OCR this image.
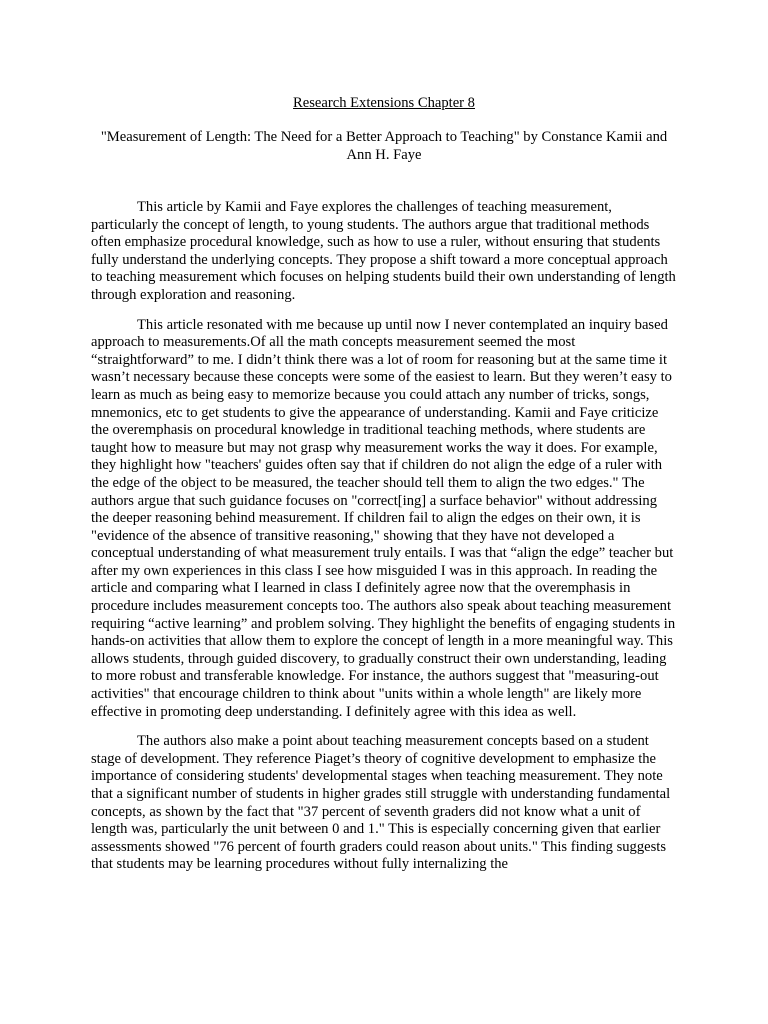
Research Extensions Chapter 8

"Measurement of Length: The Need for a Better Approach to Teaching" by Constance Kamii and Ann H. Faye

This article by Kamii and Faye explores the challenges of teaching measurement, particularly the concept of length, to young students. The authors argue that traditional methods often emphasize procedural knowledge, such as how to use a ruler, without ensuring that students fully understand the underlying concepts. They propose a shift toward a more conceptual approach to teaching measurement which focuses on helping students build their own understanding of length through exploration and reasoning.

This article resonated with me because up until now I never contemplated an inquiry based approach to measurements.Of all the math concepts measurement seemed the most “straightforward” to me. I didn’t think there was a lot of room for reasoning but at the same time it wasn’t necessary because these concepts were some of the easiest to learn. But they weren’t easy to learn as much as being easy to memorize because you could attach any number of tricks, songs, mnemonics, etc to get students to give the appearance of understanding. Kamii and Faye criticize the overemphasis on procedural knowledge in traditional teaching methods, where students are taught how to measure but may not grasp why measurement works the way it does. For example, they highlight how "teachers' guides often say that if children do not align the edge of a ruler with the edge of the object to be measured, the teacher should tell them to align the two edges." The authors argue that such guidance focuses on "correct[ing] a surface behavior" without addressing the deeper reasoning behind measurement. If children fail to align the edges on their own, it is "evidence of the absence of transitive reasoning," showing that they have not developed a conceptual understanding of what measurement truly entails. I was that “align the edge” teacher but after my own experiences in this class I see how misguided I was in this approach. In reading the article and comparing what I learned in class I definitely agree now that the overemphasis in procedure includes measurement concepts too. The authors also speak about teaching measurement requiring “active learning” and problem solving. They highlight the benefits of engaging students in hands-on activities that allow them to explore the concept of length in a more meaningful way. This allows students, through guided discovery, to gradually construct their own understanding, leading to more robust and transferable knowledge. For instance, the authors suggest that "measuring-out activities" that encourage children to think about "units within a whole length" are likely more effective in promoting deep understanding. I definitely agree with this idea as well.

The authors also make a point about teaching measurement concepts based on a student stage of development. They reference Piaget’s theory of cognitive development to emphasize the importance of considering students' developmental stages when teaching measurement. They note that a significant number of students in higher grades still struggle with understanding fundamental concepts, as shown by the fact that "37 percent of seventh graders did not know what a unit of length was, particularly the unit between 0 and 1." This is especially concerning given that earlier assessments showed "76 percent of fourth graders could reason about units." This finding suggests that students may be learning procedures without fully internalizing the
